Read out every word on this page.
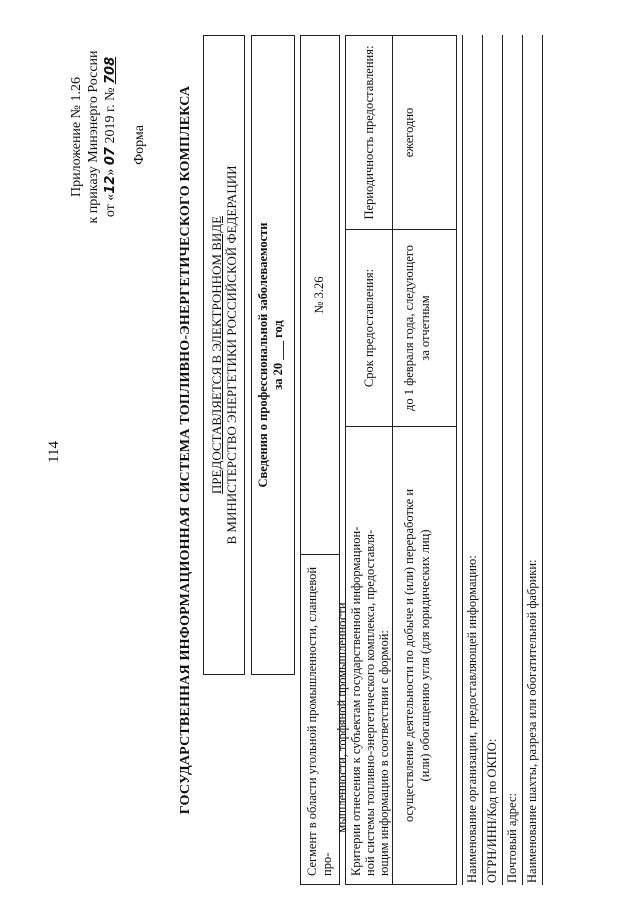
114
Приложение № 1.26 к приказу Минэнерго России от «12» 07 2019 г. № 708
Форма ГОСУДАРСТВЕННАЯ ИНФОРМАЦИОННАЯ СИСТЕМА ТОПЛИВНО-ЭНЕРГЕТИЧЕСКОГО КОМПЛЕКСА ПРЕДОСТАВЛЯЕТСЯ В ЭЛЕКТРОННОМ ВИДЕ В МИНИСТЕРСТВО ЭНЕРГЕТИКИ РОССИЙСКОЙ ФЕДЕРАЦИИ Сведения о профессиональной заболеваемости за 20 ___ год
Сегмент в области угольной промышленности, сланцевой про-
мышленности, торфяной промышленности
№ 3.26
Критерии отнесения к субъектам государственной информацион- ной системы топливно-энергетического комплекса, предоставля- ющим информацию в соответствии с формой: осуществление деятельности по добыче и (или) переработке и (или) обогащению угля (для юридических лиц)
Срок предоставления: до 1 февраля года, следующего за отчетным
Периодичность предоставления:	ежегодно
Наименование организации, предоставляющей информацию: ОГРН/ИНН/Код по ОКПО: Почтовый адрес: Наименование шахты, разреза или обогатительной фабрики:
